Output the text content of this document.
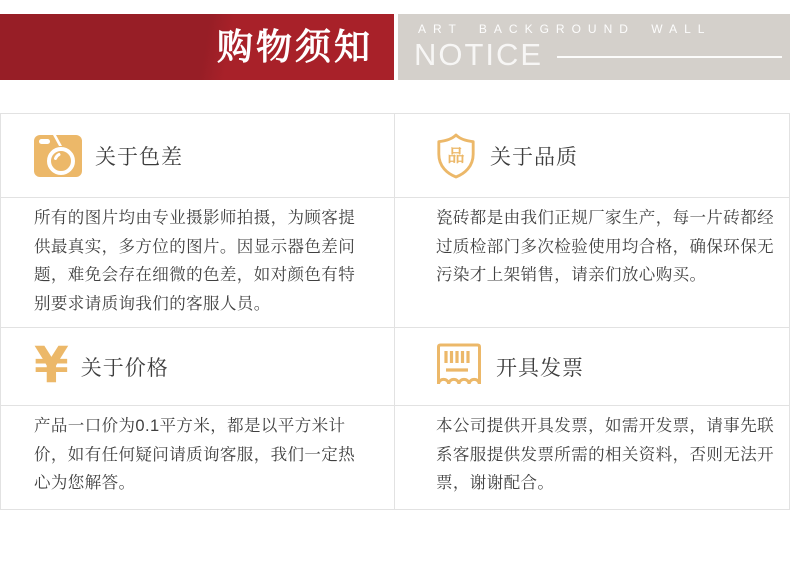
购物须知	ART BACKGROUND WALL
NOTICE
关于色差	品 关于品质

所有的图片均由专业摄影师拍摄，为顾客提供最真实，多方位的图片。因显示器色差问题，难免会存在细微的色差，如对颜色有特别要求请质询我们的客服人员。

瓷砖都是由我们正规厂家生产，每一片砖都经过质检部门多次检验使用均合格，确保环保无污染才上架销售，请亲们放心购买。

¥ 关于价格	开具发票

产品一口价为0.1平方米，都是以平方米计价，如有任何疑问请质询客服，我们一定热心为您解答。

本公司提供开具发票，如需开发票，请事先联系客服提供发票所需的相关资料，否则无法开票，谢谢配合。
